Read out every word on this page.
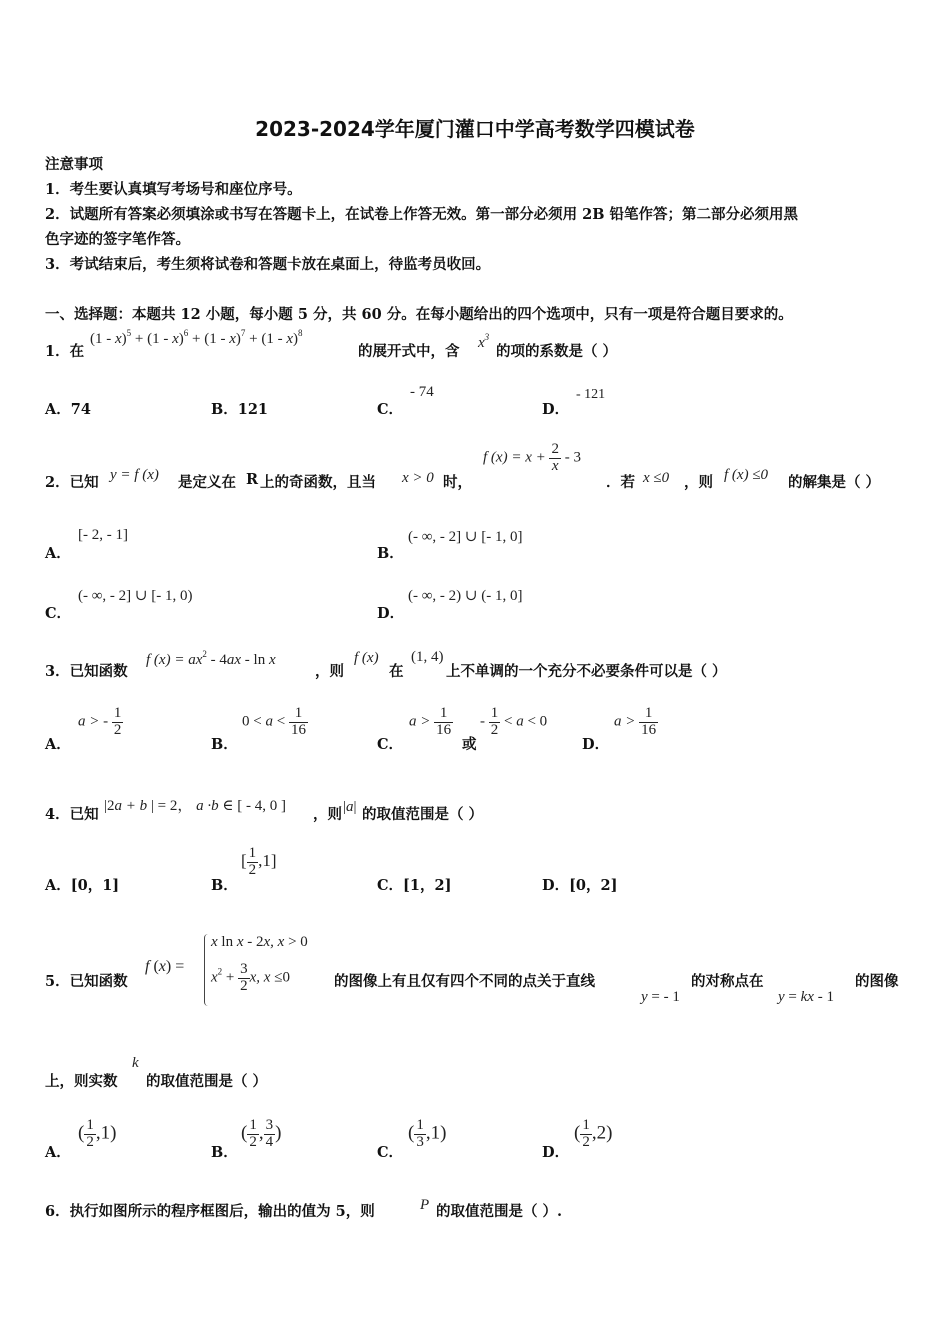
2023-2024学年厦门灌口中学高考数学四模试卷
注意事项
1．考生要认真填写考场号和座位序号。
2．试题所有答案必须填涂或书写在答题卡上，在试卷上作答无效。第一部分必须用 2B 铅笔作答；第二部分必须用黑
色字迹的签字笔作答。
3．考试结束后，考生须将试卷和答题卡放在桌面上，待监考员收回。
一、选择题：本题共 12 小题，每小题 5 分，共 60 分。在每小题给出的四个选项中，只有一项是符合题目要求的。
1．在
(1 - x)$^5$ + (1 - x)$^6$ + (1 - x)$^7$ + (1 - x)$^8$
的展开式中，含 $x^3$
的项的系数是（ ）
A．74	B．121	C．
- 74
D．
- 121
2．已知 y = f (x) 是定义在 R 上的奇函数，且当 x > 0 时，
f $(x) = x + \frac{2}{x} - 3$
．若 x ≤0 ，则 f (x) ≤0 的解集是（ ）
A．
[- 2, - 1]
B．
(- ∞, - 2] ∪ [- 1, 0]
C．
(- ∞, - 2] ∪ [- 1, 0)
D．
(- ∞, - 2) ∪ (- 1, 0]
3．已知函数
f $(x) = ax^2 - 4ax - \ln x$
，则
f (x)
在
(1, 4)
上不单调的一个充分不必要条件可以是（ ）
A．
a > - $\frac{1}{2}$
B．
$0 < a < \frac{1}{16}$
C．
$a > \frac{1}{16}$
或
- $\frac{1}{2} < a < 0$
D．
$a > \frac{1}{16}$
4．已知 |2a + b | = 2， a ·b ∈ [ - 4, 0 ] ，则 |a| 的取值范围是（ ）
A．[0，1]	B．
[ $\frac{1}{2} ,1$]
C．[1，2]	D．[0，2]
5．已知函数
f (x) =
x ln x - 2x, x > 0
$x^2 + \frac{3}{2} x$, x ≤0	的图像上有且仅有四个不同的点关于直线
y = - 1
的对称点在
y = kx - 1
的图像
上，则实数
k
的取值范围是（ ）
A．
( $\frac{1}{2} ,1$)
B．
( $\frac{1}{2}$ , $\frac{3}{4}$ )
C．
( $\frac{1}{3} ,1$)
D．
( $\frac{1}{2} ,2$)
6．执行如图所示的程序框图后，输出的值为 5，则	P 的取值范围是（ ）.
